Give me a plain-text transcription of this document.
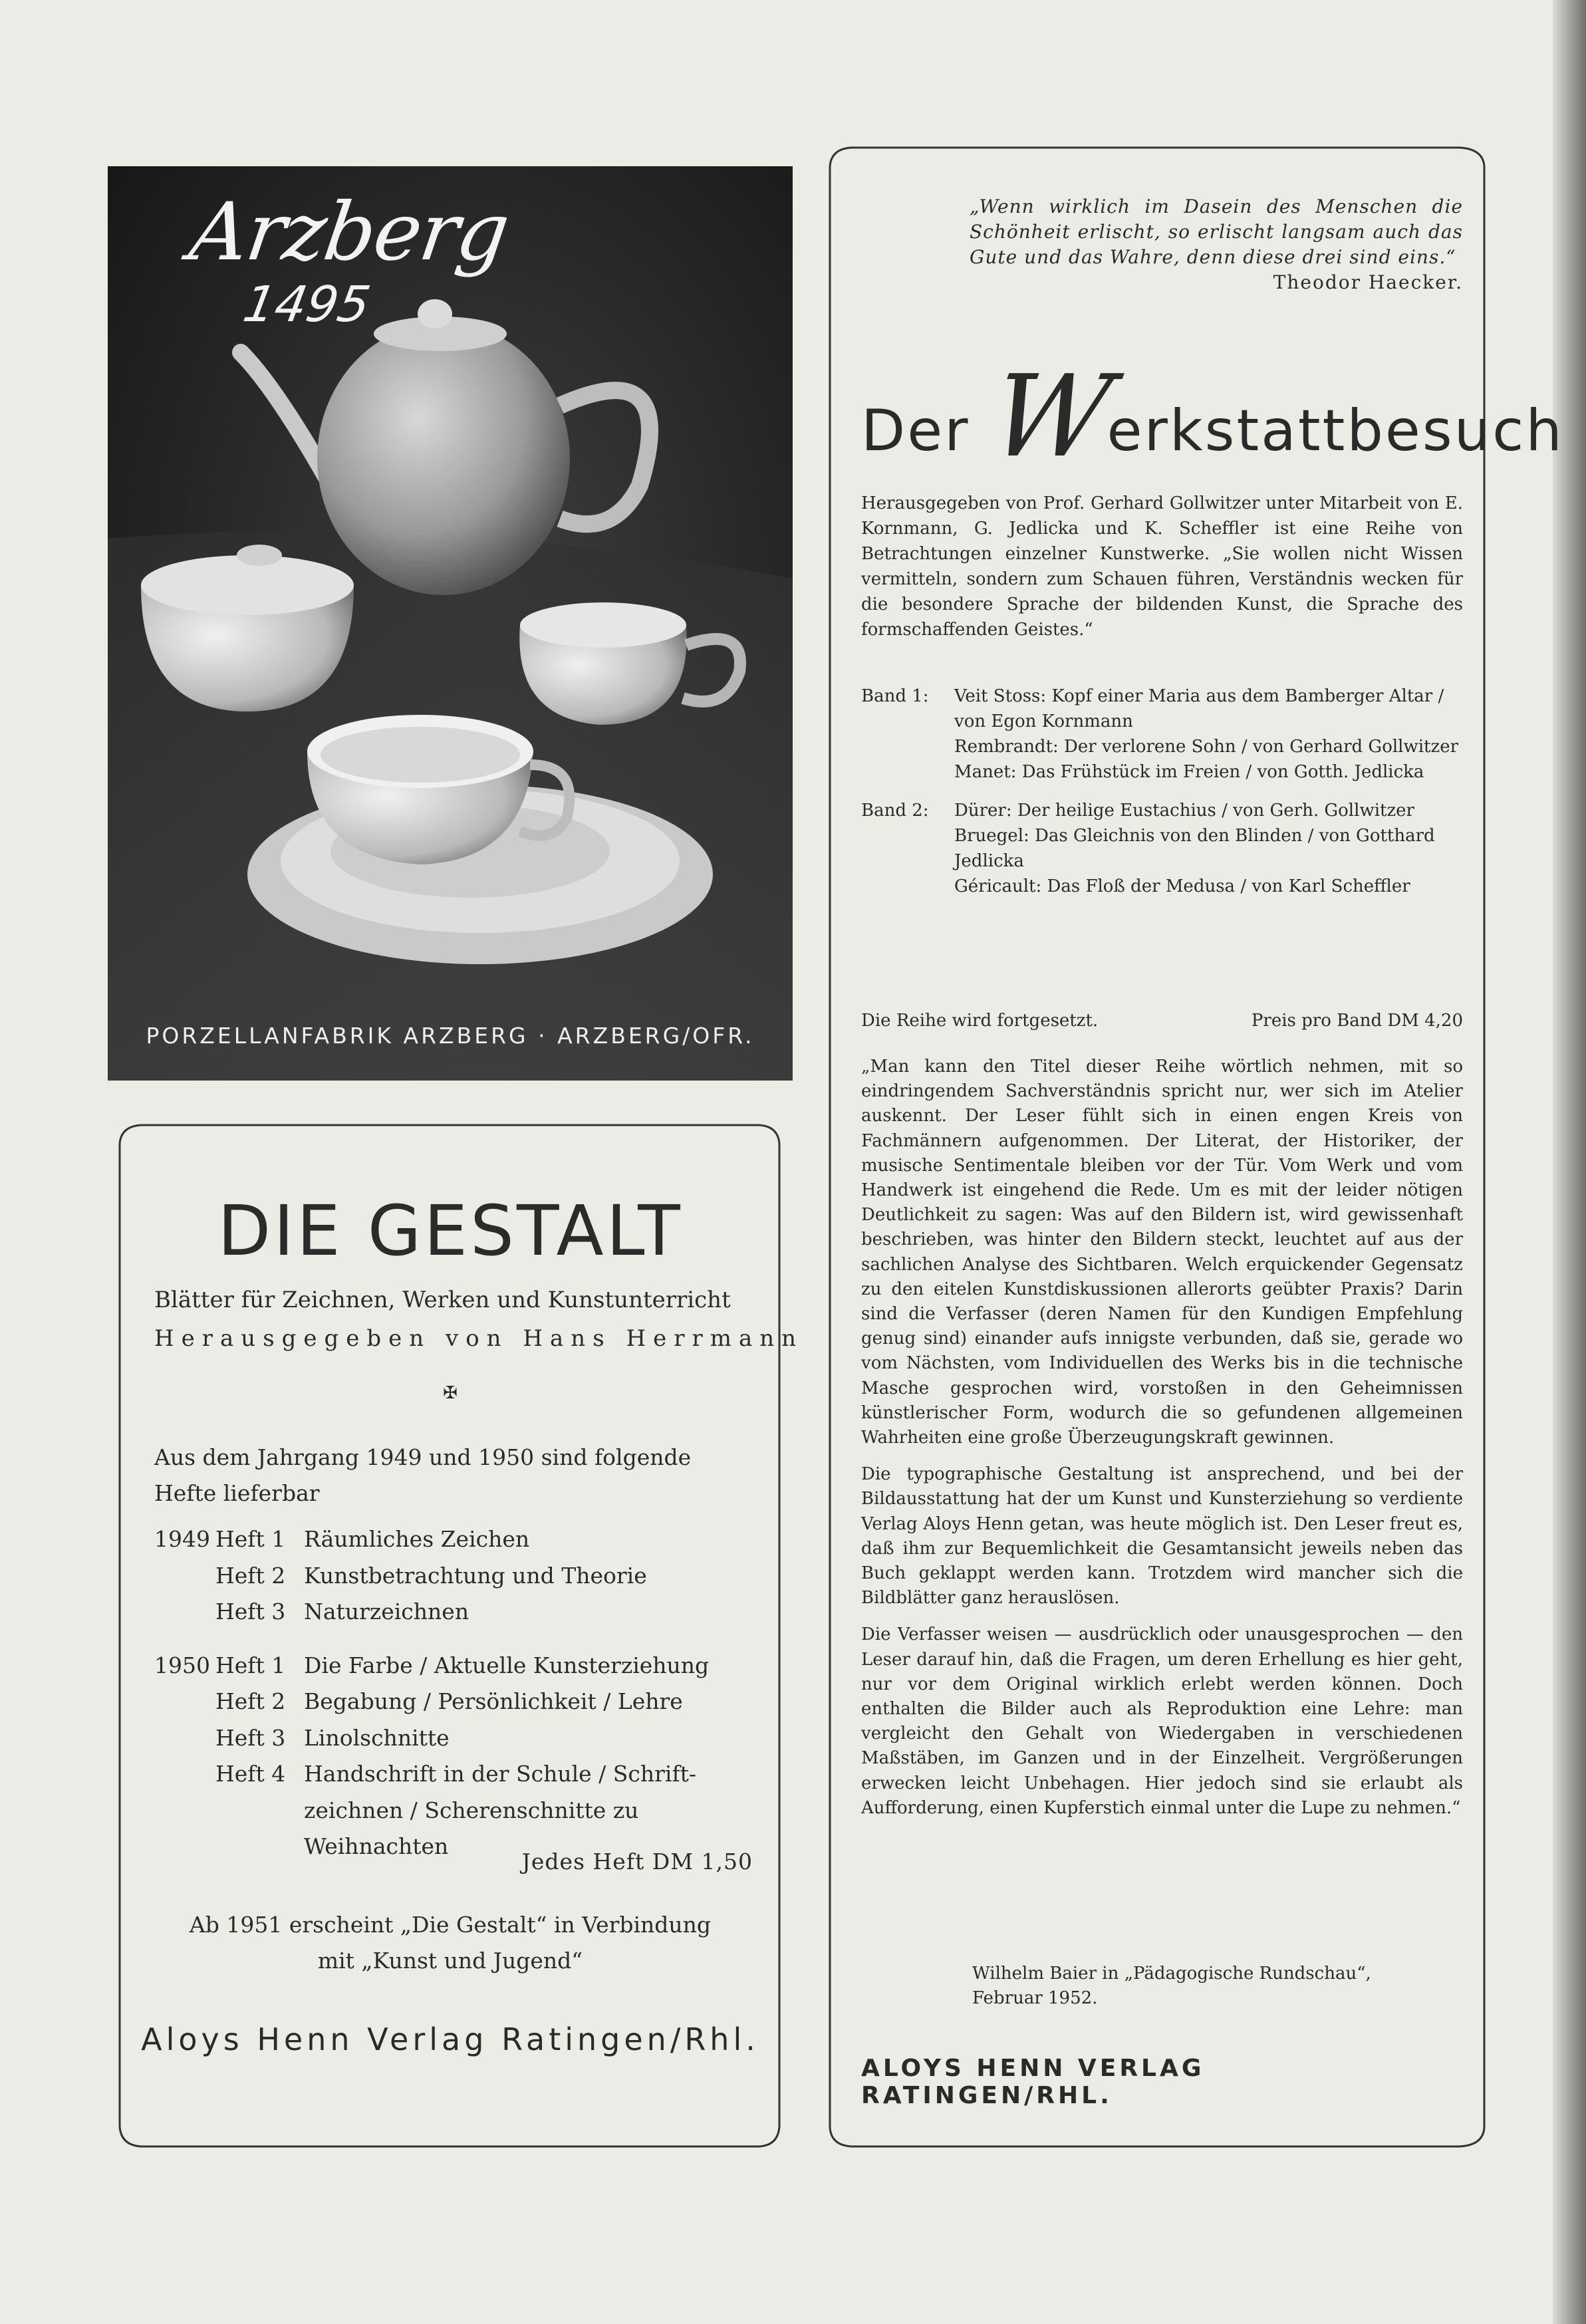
Arzberg
1495
PORZELLANFABRIK ARZBERG · ARZBERG/OFR.
DIE GESTALT
Blätter für Zeichnen, Werken und Kunstunterricht
Herausgegeben von Hans Herrmann
✠
Aus dem Jahrgang 1949 und 1950 sind folgende Hefte lieferbar
1949 Heft 1 Räumliches Zeichen
Heft 2 Kunstbetrachtung und Theorie
Heft 3 Naturzeichnen
1950 Heft 1 Die Farbe / Aktuelle Kunsterziehung
Heft 2 Begabung / Persönlichkeit / Lehre
Heft 3 Linolschnitte
Heft 4 Handschrift in der Schule / Schrift-
zeichnen / Scherenschnitte zu
Weihnachten
Jedes Heft DM 1,50
Ab 1951 erscheint „Die Gestalt“ in Verbindung
mit „Kunst und Jugend“
Aloys Henn Verlag Ratingen/Rhl.
„Wenn wirklich im Dasein des Menschen die Schönheit erlischt, so erlischt langsam auch das Gute und das Wahre, denn diese drei sind eins.“
Theodor Haecker.
Der Werkstattbesuch
Herausgegeben von Prof. Gerhard Gollwitzer unter Mitarbeit von E. Kornmann, G. Jedlicka und K. Scheffler ist eine Reihe von Betrachtungen einzelner Kunstwerke. „Sie wollen nicht Wissen vermitteln, sondern zum Schauen führen, Verständnis wecken für die besondere Sprache der bildenden Kunst, die Sprache des formschaffenden Geistes.“
Band 1: Veit Stoss: Kopf einer Maria aus dem Bamberger Altar / von Egon Kornmann
Rembrandt: Der verlorene Sohn / von Gerhard Gollwitzer
Manet: Das Frühstück im Freien / von Gotth. Jedlicka
Band 2: Dürer: Der heilige Eustachius / von Gerh. Gollwitzer
Bruegel: Das Gleichnis von den Blinden / von Gotthard Jedlicka
Géricault: Das Floß der Medusa / von Karl Scheffler
Die Reihe wird fortgesetzt.	Preis pro Band DM 4,20

„Man kann den Titel dieser Reihe wörtlich nehmen, mit so eindringendem Sachverständnis spricht nur, wer sich im Atelier auskennt. Der Leser fühlt sich in einen engen Kreis von Fachmännern aufgenommen. Der Literat, der Historiker, der musische Sentimentale bleiben vor der Tür. Vom Werk und vom Handwerk ist eingehend die Rede. Um es mit der leider nötigen Deutlichkeit zu sagen: Was auf den Bildern ist, wird gewissenhaft beschrieben, was hinter den Bildern steckt, leuchtet auf aus der sachlichen Analyse des Sichtbaren. Welch erquickender Gegensatz zu den eitelen Kunstdiskussionen allerorts geübter Praxis? Darin sind die Verfasser (deren Namen für den Kundigen Empfehlung genug sind) einander aufs innigste verbunden, daß sie, gerade wo vom Nächsten, vom Individuellen des Werks bis in die technische Masche gesprochen wird, vorstoßen in den Geheimnissen künstlerischer Form, wodurch die so gefundenen allgemeinen Wahrheiten eine große Überzeugungskraft gewinnen.

Die typographische Gestaltung ist ansprechend, und bei der Bildausstattung hat der um Kunst und Kunsterziehung so verdiente Verlag Aloys Henn getan, was heute möglich ist. Den Leser freut es, daß ihm zur Bequemlichkeit die Gesamtansicht jeweils neben das Buch geklappt werden kann. Trotzdem wird mancher sich die Bildblätter ganz herauslösen.

Die Verfasser weisen — ausdrücklich oder unausgesprochen — den Leser darauf hin, daß die Fragen, um deren Erhellung es hier geht, nur vor dem Original wirklich erlebt werden können. Doch enthalten die Bilder auch als Reproduktion eine Lehre: man vergleicht den Gehalt von Wiedergaben in verschiedenen Maßstäben, im Ganzen und in der Einzelheit. Vergrößerungen erwecken leicht Unbehagen. Hier jedoch sind sie erlaubt als Aufforderung, einen Kupferstich einmal unter die Lupe zu nehmen.“

Wilhelm Baier in „Pädagogische Rundschau“,
Februar 1952.
ALOYS HENN VERLAG RATINGEN/RHL.
